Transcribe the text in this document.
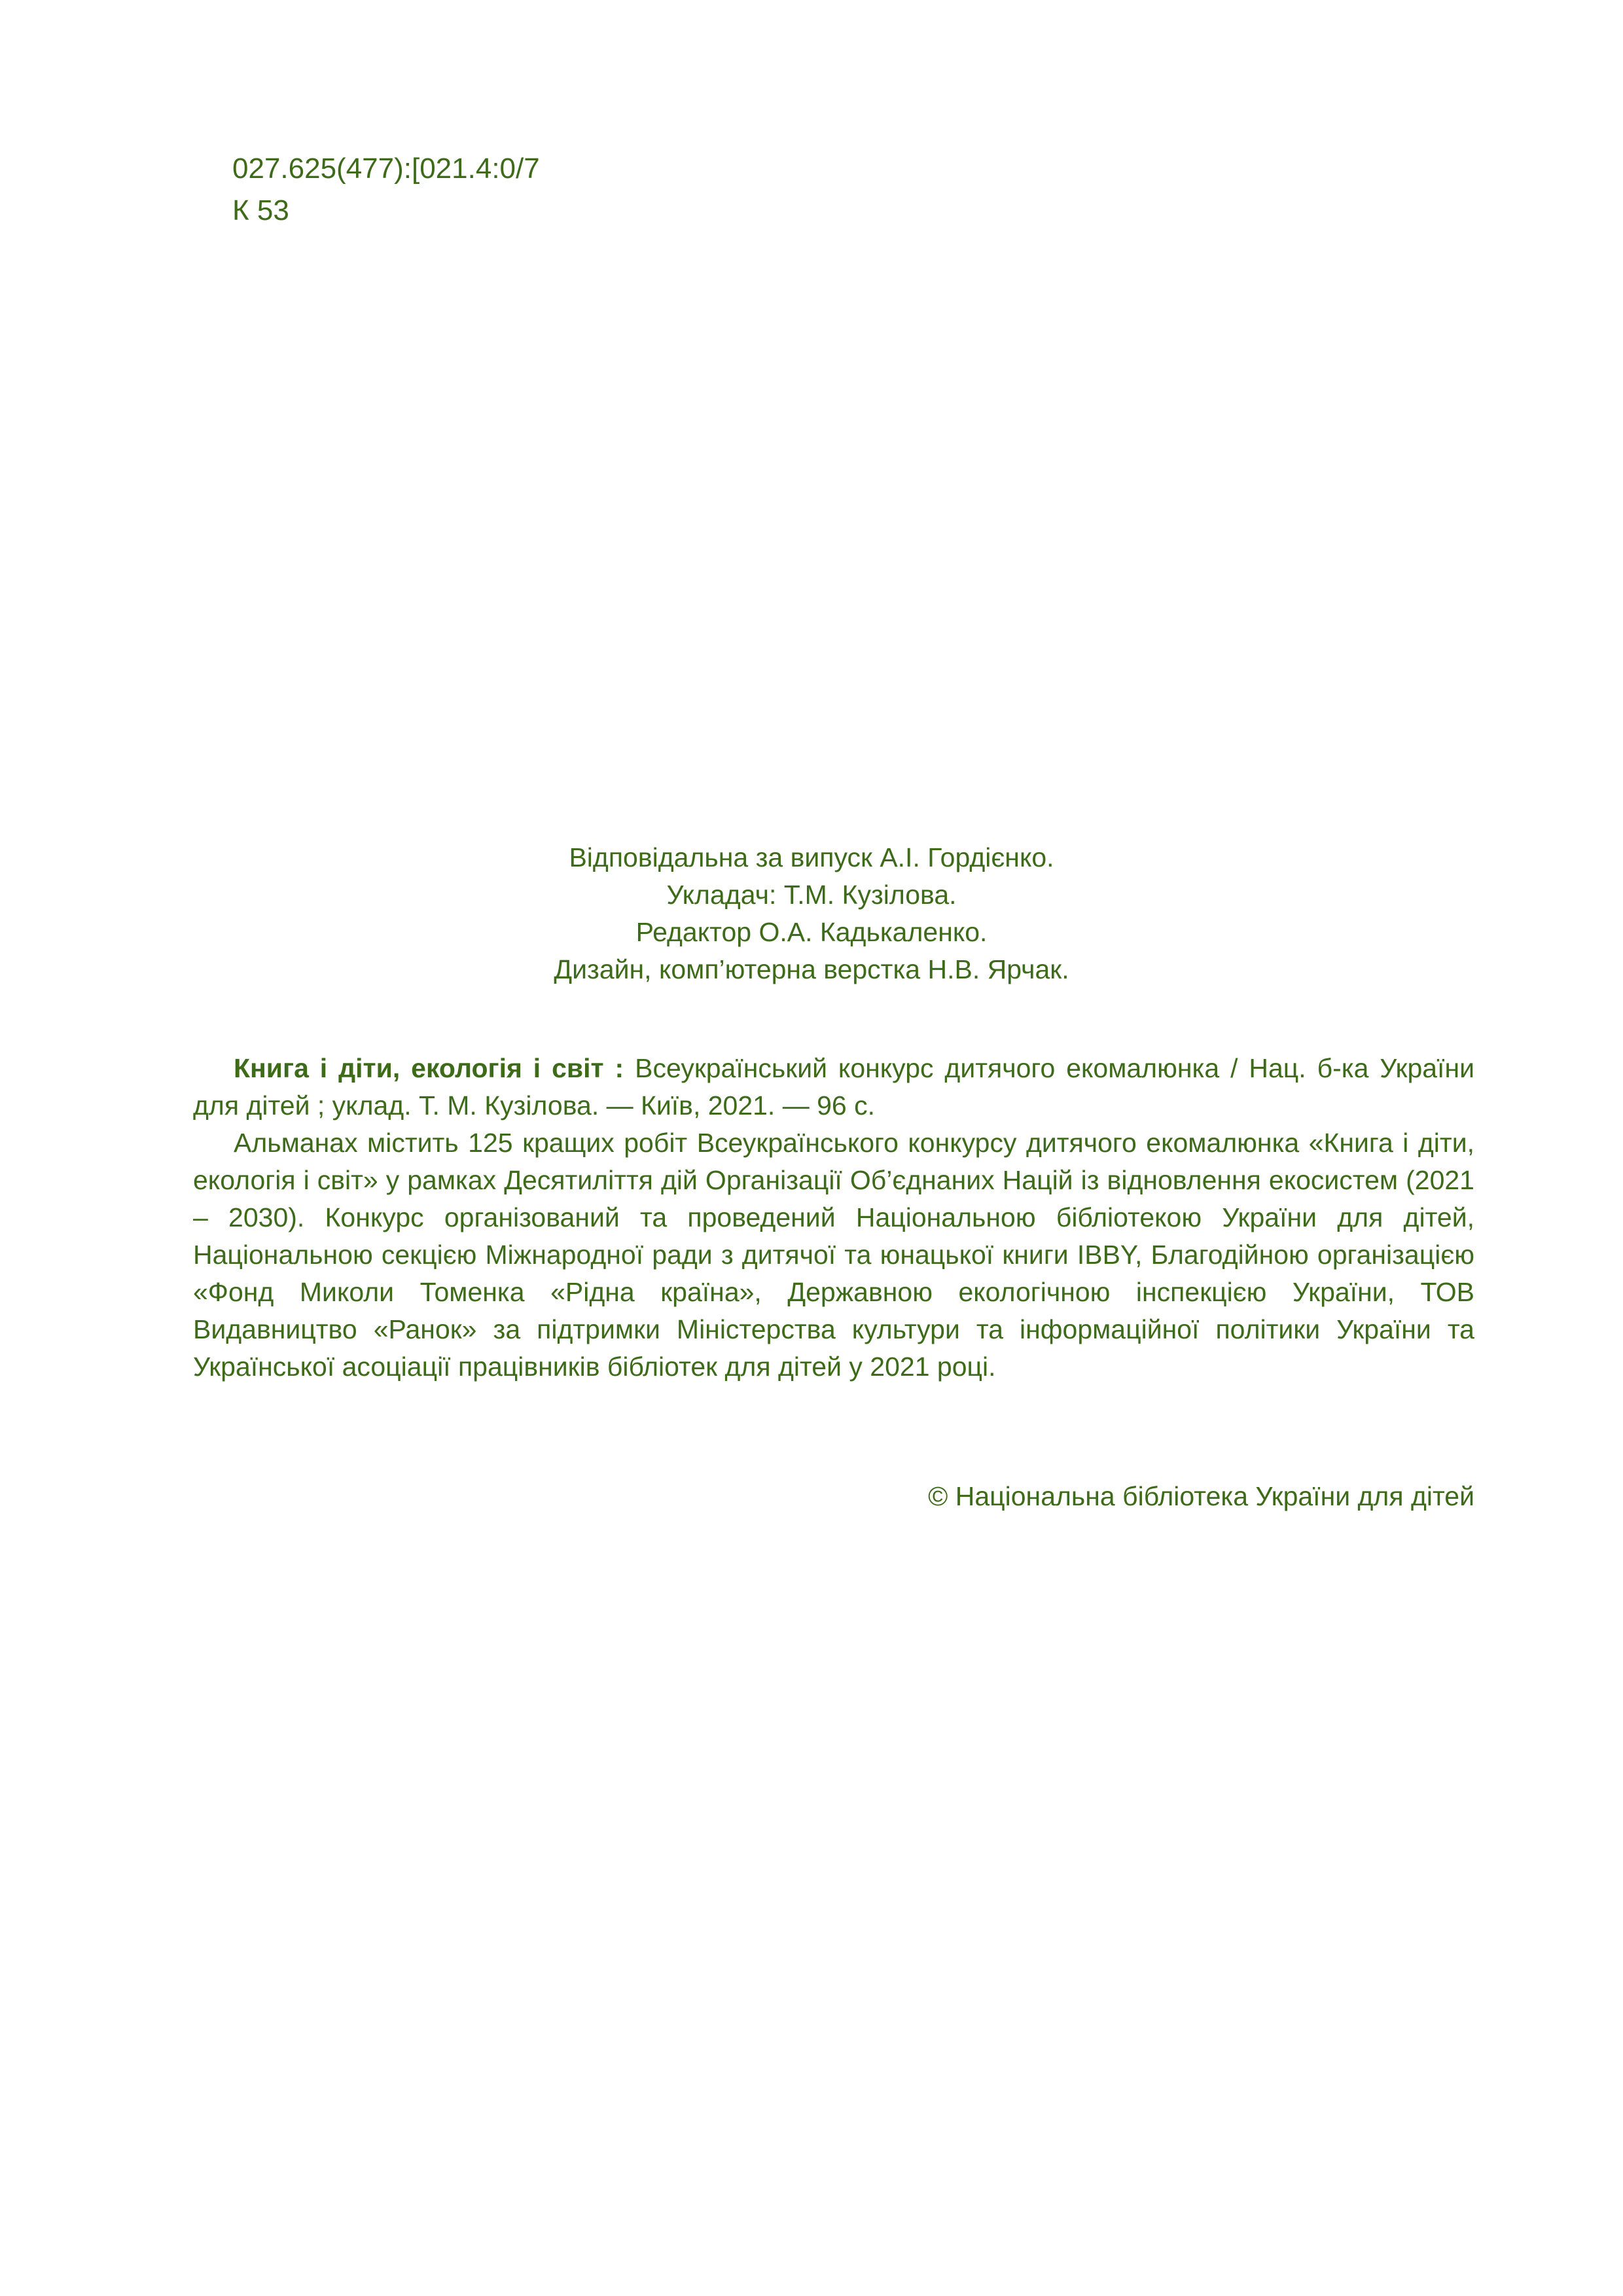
027.625(477):[021.4:0/7
К 53
Відповідальна за випуск А.І. Гордієнко.
Укладач: Т.М. Кузілова.
Редактор О.А. Кадькаленко.
Дизайн, комп’ютерна верстка Н.В. Ярчак.

Книга і діти, екологія і світ : Всеукраїнський конкурс дитячого екомалюнка / Нац. б-ка України для дітей ; уклад. Т. М. Кузілова. — Київ, 2021. — 96 с.

Альманах містить 125 кращих робіт Всеукраїнського конкурсу дитячого екомалюнка «Книга і діти, екологія і світ» у рамках Десятиліття дій Організації Об’єднаних Націй із відновлення екосистем (2021 – 2030). Конкурс організований та проведений Національною бібліотекою України для дітей, Національною секцією Міжнародної ради з дитячої та юнацької книги IBBY, Благодійною організацією «Фонд Миколи Томенка «Рідна країна», Державною екологічною інспекцією України, ТОВ Видавництво «Ранок» за підтримки Міністерства культури та інформаційної політики України та Української асоціації працівників бібліотек для дітей у 2021 році.

© Національна бібліотека України для дітей
